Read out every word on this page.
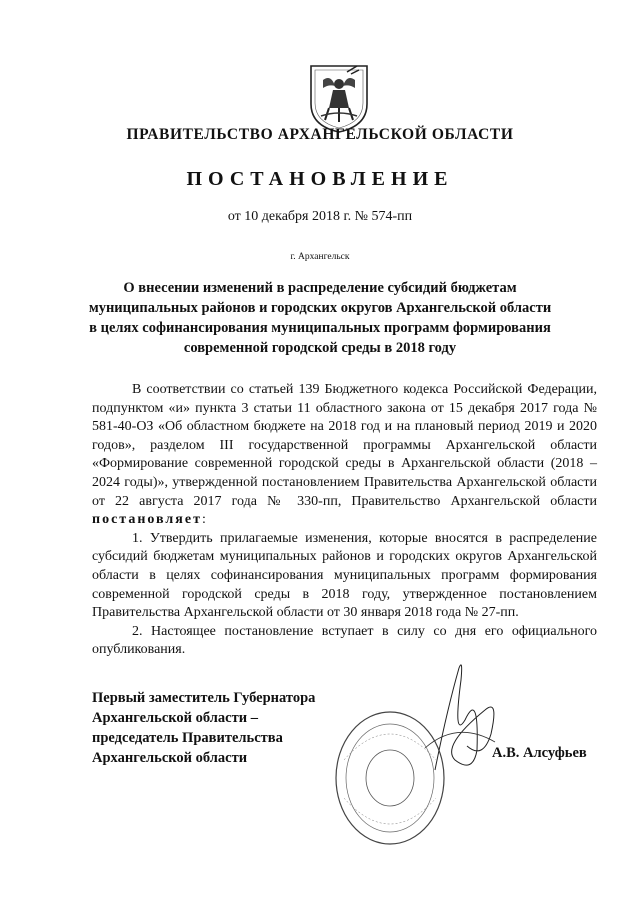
ПРАВИТЕЛЬСТВО АРХАНГЕЛЬСКОЙ ОБЛАСТИ
ПОСТАНОВЛЕНИЕ
от 10 декабря 2018 г. № 574-пп
г. Архангельск
О внесении изменений в распределение субсидий бюджетам
муниципальных районов и городских округов Архангельской области
в целях софинансирования муниципальных программ формирования
современной городской среды в 2018 году

В соответствии со статьей 139 Бюджетного кодекса Российской Федерации, подпунктом «и» пункта 3 статьи 11 областного закона от 15 декабря 2017 года № 581-40-ОЗ «Об областном бюджете на 2018 год и на плановый период 2019 и 2020 годов», разделом III государственной программы Архангельской области «Формирование современной городской среды в Архангельской области (2018 – 2024 годы)», утвержденной постановлением Правительства Архангельской области от 22 августа 2017 года № 330-пп, Правительство Архангельской области постановляет:

1. Утвердить прилагаемые изменения, которые вносятся в распределение субсидий бюджетам муниципальных районов и городских округов Архангельской области в целях софинансирования муниципальных программ формирования современной городской среды в 2018 году, утвержденное постановлением Правительства Архангельской области от 30 января 2018 года № 27-пп.

2. Настоящее постановление вступает в силу со дня его официального опубликования.

Первый заместитель Губернатора
Архангельской области –
председатель Правительства
Архангельской области	А.В. Алсуфьев
